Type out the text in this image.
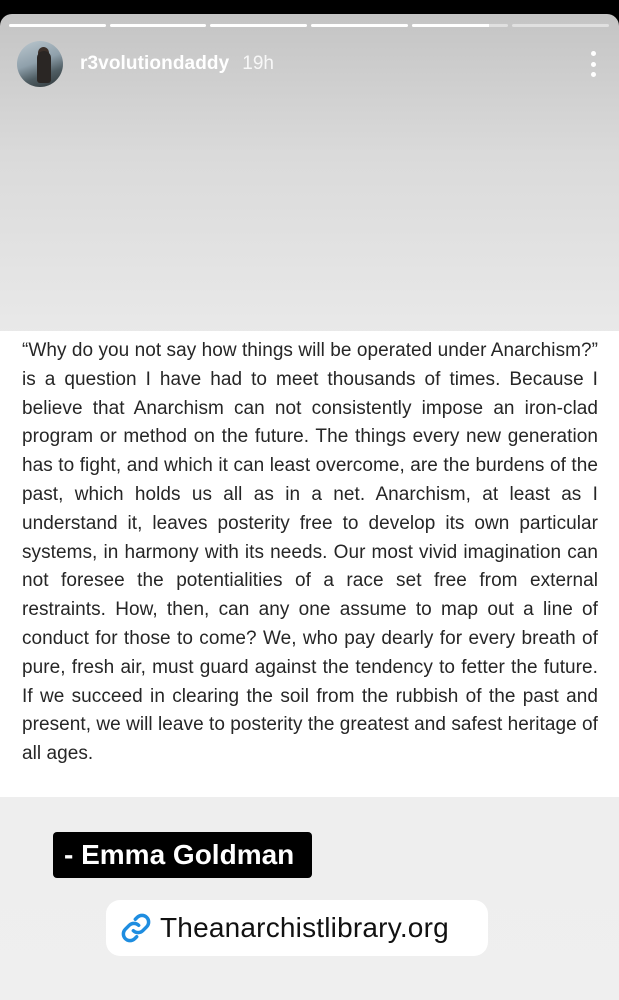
r3volutiondaddy 19h

“Why do you not say how things will be operated under Anarchism?” is a question I have had to meet thousands of times. Because I believe that Anarchism can not consistently impose an iron-clad program or method on the future. The things every new generation has to fight, and which it can least overcome, are the burdens of the past, which holds us all as in a net. Anarchism, at least as I understand it, leaves posterity free to develop its own particular systems, in harmony with its needs. Our most vivid imagination can not foresee the potentialities of a race set free from external restraints. How, then, can any one assume to map out a line of conduct for those to come? We, who pay dearly for every breath of pure, fresh air, must guard against the tendency to fetter the future. If we succeed in clearing the soil from the rubbish of the past and present, we will leave to posterity the greatest and safest heritage of all ages.

- Emma Goldman
Theanarchistlibrary.org
